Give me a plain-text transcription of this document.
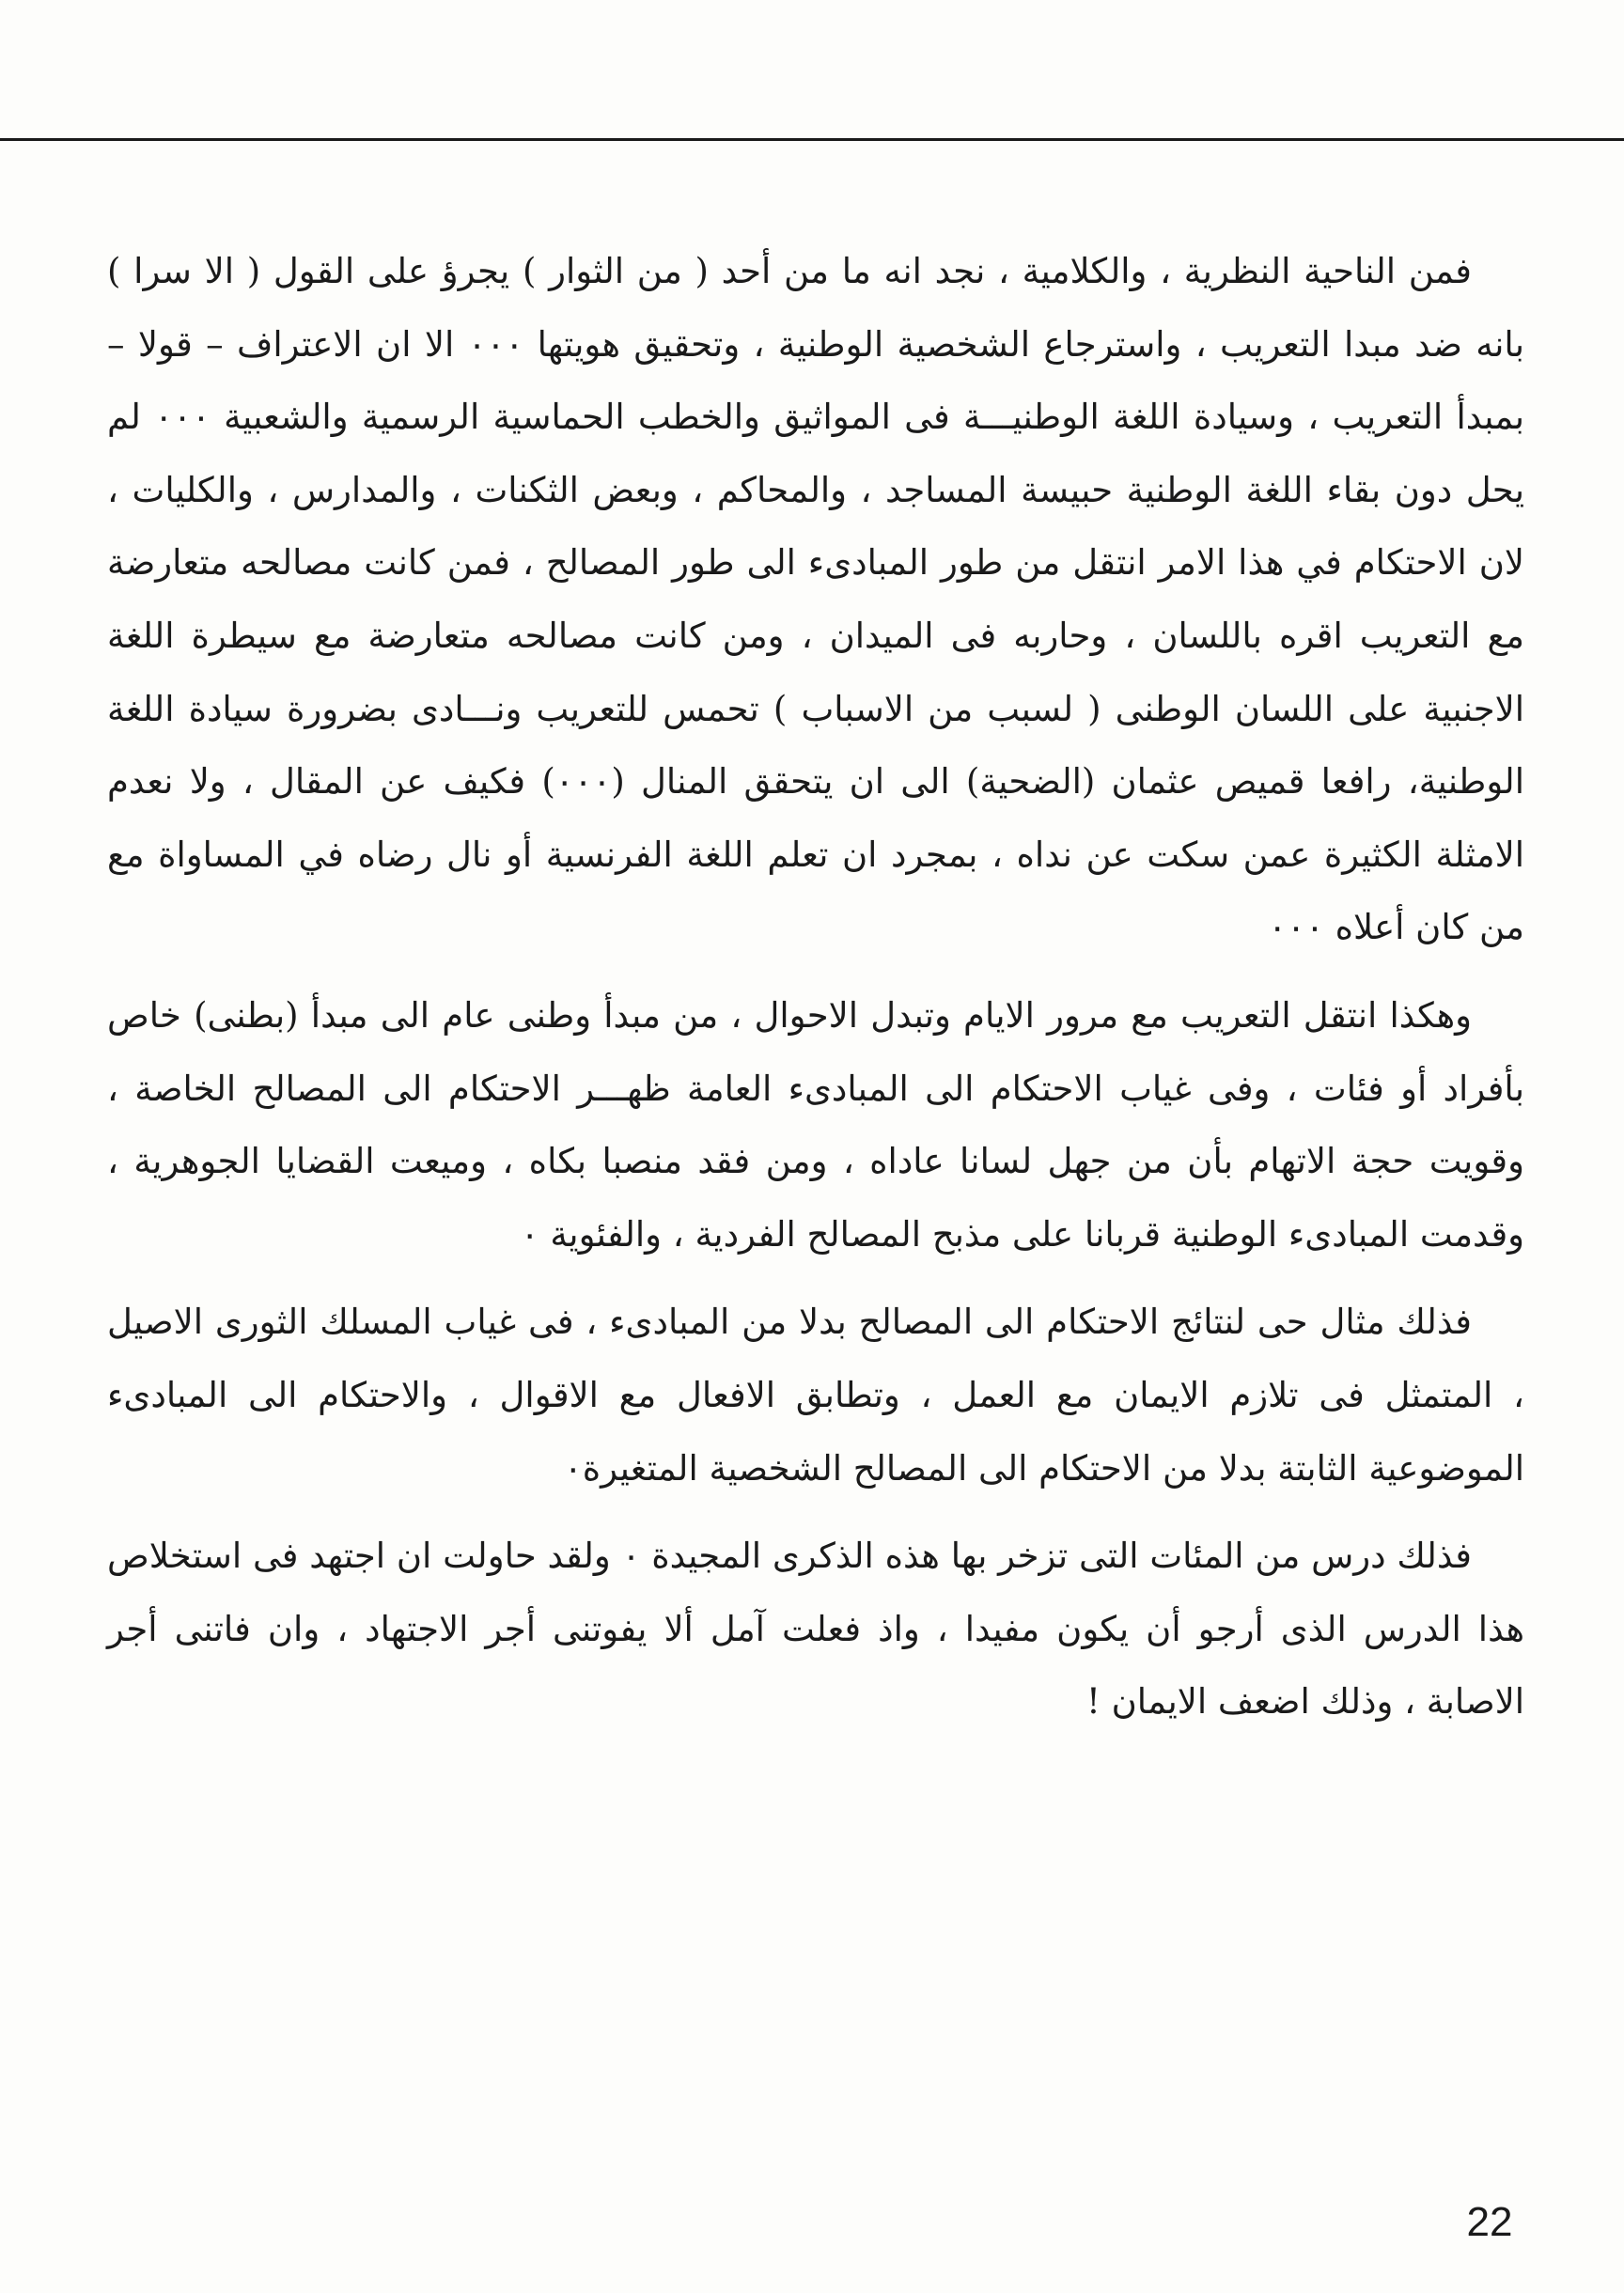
فمن الناحية النظرية ، والكلامية ، نجد انه ما من أحد ( من الثوار ) يجرؤ على القول ( الا سرا ) بانه ضد مبدا التعريب ، واسترجاع الشخصية الوطنية ، وتحقيق هويتها ٠٠٠ الا ان الاعتراف – قولا – بمبدأ التعريب ، وسيادة اللغة الوطنيـــة فى المواثيق والخطب الحماسية الرسمية والشعبية ٠٠٠ لم يحل دون بقاء اللغة الوطنية حبيسة المساجد ، والمحاكم ، وبعض الثكنات ، والمدارس ، والكليات ، لان الاحتكام في هذا الامر انتقل من طور المبادىء الى طور المصالح ، فمن كانت مصالحه متعارضة مع التعريب اقره باللسان ، وحاربه فى الميدان ، ومن كانت مصالحه متعارضة مع سيطرة اللغة الاجنبية على اللسان الوطنى ( لسبب من الاسباب ) تحمس للتعريب ونـــادى بضرورة سيادة اللغة الوطنية، رافعا قميص عثمان (الضحية) الى ان يتحقق المنال (٠٠٠) فكيف عن المقال ، ولا نعدم الامثلة الكثيرة عمن سكت عن نداه ، بمجرد ان تعلم اللغة الفرنسية أو نال رضاه في المساواة مع من كان أعلاه ٠٠٠

وهكذا انتقل التعريب مع مرور الايام وتبدل الاحوال ، من مبدأ وطنى عام الى مبدأ (بطنى) خاص بأفراد أو فئات ، وفى غياب الاحتكام الى المبادىء العامة ظهـــر الاحتكام الى المصالح الخاصة ، وقويت حجة الاتهام بأن من جهل لسانا عاداه ، ومن فقد منصبا بكاه ، وميعت القضايا الجوهرية ، وقدمت المبادىء الوطنية قربانا على مذبح المصالح الفردية ، والفئوية ٠

فذلك مثال حى لنتائج الاحتكام الى المصالح بدلا من المبادىء ، فى غياب المسلك الثورى الاصيل ، المتمثل فى تلازم الايمان مع العمل ، وتطابق الافعال مع الاقوال ، والاحتكام الى المبادىء الموضوعية الثابتة بدلا من الاحتكام الى المصالح الشخصية المتغيرة٠

فذلك درس من المئات التى تزخر بها هذه الذكرى المجيدة ٠ ولقد حاولت ان اجتهد فى استخلاص هذا الدرس الذى أرجو أن يكون مفيدا ، واذ فعلت آمل ألا يفوتنى أجر الاجتهاد ، وان فاتنى أجر الاصابة ، وذلك اضعف الايمان !

22
